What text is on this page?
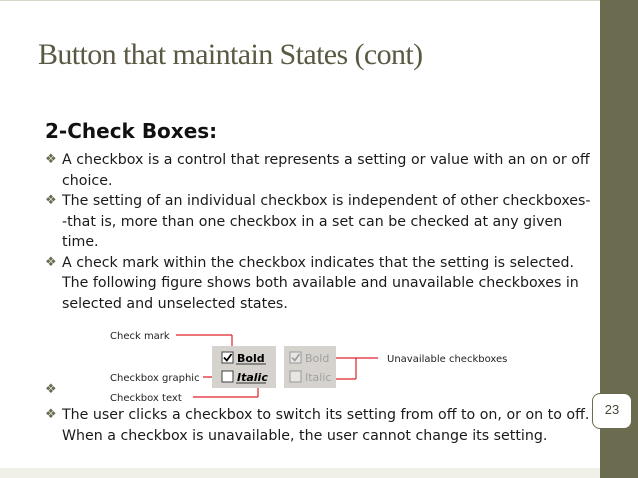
23
Button that maintain States (cont)
2-Check Boxes:
❖ A checkbox is a control that represents a setting or value with an on or off choice.
❖ The setting of an individual checkbox is independent of other checkboxes--that is, more than one checkbox in a set can be checked at any given time.
❖ A check mark within the checkbox indicates that the setting is selected. The following figure shows both available and unavailable checkboxes in selected and unselected states.
Check mark
Checkbox graphic
Checkbox text
Unavailable checkboxes
Bold
Italic
Bold
Italic
❖
❖ The user clicks a checkbox to switch its setting from off to on, or on to off. When a checkbox is unavailable, the user cannot change its setting.
